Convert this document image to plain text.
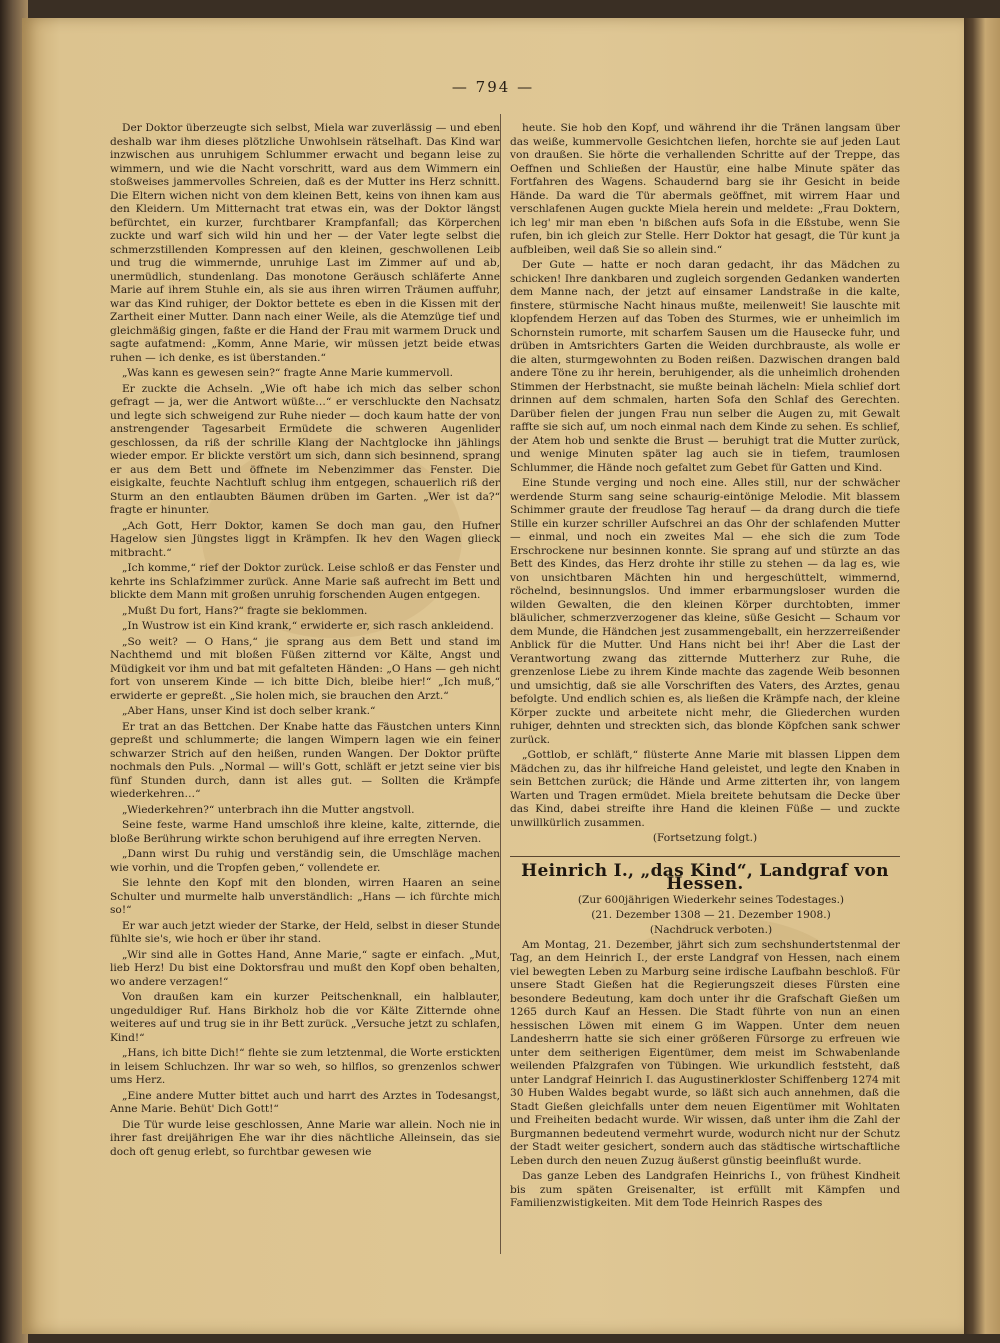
— 794 —

Der Doktor überzeugte sich selbst, Miela war zuverlässig — und eben deshalb war ihm dieses plötzliche Unwohlsein rätselhaft. Das Kind war inzwischen aus unruhigem Schlummer erwacht und begann leise zu wimmern, und wie die Nacht vorschritt, ward aus dem Wimmern ein stoßweises jammervolles Schreien, daß es der Mutter ins Herz schnitt. Die Eltern wichen nicht von dem kleinen Bett, keins von ihnen kam aus den Kleidern. Um Mitternacht trat etwas ein, was der Doktor längst befürchtet, ein kurzer, furchtbarer Krampfanfall; das Körperchen zuckte und warf sich wild hin und her — der Vater legte selbst die schmerzstillenden Kompressen auf den kleinen, geschwollenen Leib und trug die wimmernde, unruhige Last im Zimmer auf und ab, unermüdlich, stundenlang. Das monotone Geräusch schläferte Anne Marie auf ihrem Stuhle ein, als sie aus ihren wirren Träumen auffuhr, war das Kind ruhiger, der Doktor bettete es eben in die Kissen mit der Zartheit einer Mutter. Dann nach einer Weile, als die Atemzüge tief und gleichmäßig gingen, faßte er die Hand der Frau mit warmem Druck und sagte aufatmend: „Komm, Anne Marie, wir müssen jetzt beide etwas ruhen — ich denke, es ist überstanden.“

„Was kann es gewesen sein?“ fragte Anne Marie kummervoll.

Er zuckte die Achseln. „Wie oft habe ich mich das selber schon gefragt — ja, wer die Antwort wüßte…“ er verschluckte den Nachsatz und legte sich schweigend zur Ruhe nieder — doch kaum hatte der von anstrengender Tagesarbeit Ermüdete die schweren Augenlider geschlossen, da riß der schrille Klang der Nachtglocke ihn jählings wieder empor. Er blickte verstört um sich, dann sich besinnend, sprang er aus dem Bett und öffnete im Nebenzimmer das Fenster. Die eisigkalte, feuchte Nachtluft schlug ihm entgegen, schauerlich riß der Sturm an den entlaubten Bäumen drüben im Garten. „Wer ist da?“ fragte er hinunter.

„Ach Gott, Herr Doktor, kamen Se doch man gau, den Hufner Hagelow sien Jüngstes liggt in Krämpfen. Ik hev den Wagen glieck mitbracht.“

„Ich komme,“ rief der Doktor zurück. Leise schloß er das Fenster und kehrte ins Schlafzimmer zurück. Anne Marie saß aufrecht im Bett und blickte dem Mann mit großen unruhig forschenden Augen entgegen.

„Mußt Du fort, Hans?“ fragte sie beklommen.

„In Wustrow ist ein Kind krank,“ erwiderte er, sich rasch ankleidend.

„So weit? — O Hans,“ jie sprang aus dem Bett und stand im Nachthemd und mit bloßen Füßen zitternd vor Kälte, Angst und Müdigkeit vor ihm und bat mit gefalteten Händen: „O Hans — geh nicht fort von unserem Kinde — ich bitte Dich, bleibe hier!“ „Ich muß,“ erwiderte er gepreßt. „Sie holen mich, sie brauchen den Arzt.“

„Aber Hans, unser Kind ist doch selber krank.“

Er trat an das Bettchen. Der Knabe hatte das Fäustchen unters Kinn gepreßt und schlummerte; die langen Wimpern lagen wie ein feiner schwarzer Strich auf den heißen, runden Wangen. Der Doktor prüfte nochmals den Puls. „Normal — will's Gott, schläft er jetzt seine vier bis fünf Stunden durch, dann ist alles gut. — Sollten die Krämpfe wiederkehren…“

„Wiederkehren?“ unterbrach ihn die Mutter angstvoll.

Seine feste, warme Hand umschloß ihre kleine, kalte, zitternde, die bloße Berührung wirkte schon beruhigend auf ihre erregten Nerven.

„Dann wirst Du ruhig und verständig sein, die Umschläge machen wie vorhin, und die Tropfen geben,“ vollendete er.

Sie lehnte den Kopf mit den blonden, wirren Haaren an seine Schulter und murmelte halb unverständlich: „Hans — ich fürchte mich so!“

Er war auch jetzt wieder der Starke, der Held, selbst in dieser Stunde fühlte sie's, wie hoch er über ihr stand.

„Wir sind alle in Gottes Hand, Anne Marie,“ sagte er einfach. „Mut, lieb Herz! Du bist eine Doktorsfrau und mußt den Kopf oben behalten, wo andere verzagen!“

Von draußen kam ein kurzer Peitschenknall, ein halblauter, ungeduldiger Ruf. Hans Birkholz hob die vor Kälte Zitternde ohne weiteres auf und trug sie in ihr Bett zurück. „Versuche jetzt zu schlafen, Kind!“

„Hans, ich bitte Dich!“ flehte sie zum letztenmal, die Worte erstickten in leisem Schluchzen. Ihr war so weh, so hilflos, so grenzenlos schwer ums Herz.

„Eine andere Mutter bittet auch und harrt des Arztes in Todesangst, Anne Marie. Behüt' Dich Gott!“

Die Tür wurde leise geschlossen, Anne Marie war allein. Noch nie in ihrer fast dreijährigen Ehe war ihr dies nächtliche Alleinsein, das sie doch oft genug erlebt, so furchtbar gewesen wie

heute. Sie hob den Kopf, und während ihr die Tränen langsam über das weiße, kummervolle Gesichtchen liefen, horchte sie auf jeden Laut von draußen. Sie hörte die verhallenden Schritte auf der Treppe, das Oeffnen und Schließen der Haustür, eine halbe Minute später das Fortfahren des Wagens. Schaudernd barg sie ihr Gesicht in beide Hände. Da ward die Tür abermals geöffnet, mit wirrem Haar und verschlafenen Augen guckte Miela herein und meldete: „Frau Doktern, ich leg' mir man eben 'n bißchen aufs Sofa in die Eßstube, wenn Sie rufen, bin ich gleich zur Stelle. Herr Doktor hat gesagt, die Tür kunt ja aufbleiben, weil daß Sie so allein sind.“

Der Gute — hatte er noch daran gedacht, ihr das Mädchen zu schicken! Ihre dankbaren und zugleich sorgenden Gedanken wanderten dem Manne nach, der jetzt auf einsamer Landstraße in die kalte, finstere, stürmische Nacht hinaus mußte, meilenweit! Sie lauschte mit klopfendem Herzen auf das Toben des Sturmes, wie er unheimlich im Schornstein rumorte, mit scharfem Sausen um die Hausecke fuhr, und drüben in Amtsrichters Garten die Weiden durchbrauste, als wolle er die alten, sturmgewohnten zu Boden reißen. Dazwischen drangen bald andere Töne zu ihr herein, beruhigender, als die unheimlich drohenden Stimmen der Herbstnacht, sie mußte beinah lächeln: Miela schlief dort drinnen auf dem schmalen, harten Sofa den Schlaf des Gerechten. Darüber fielen der jungen Frau nun selber die Augen zu, mit Gewalt raffte sie sich auf, um noch einmal nach dem Kinde zu sehen. Es schlief, der Atem hob und senkte die Brust — beruhigt trat die Mutter zurück, und wenige Minuten später lag auch sie in tiefem, traumlosen Schlummer, die Hände noch gefaltet zum Gebet für Gatten und Kind.

Eine Stunde verging und noch eine. Alles still, nur der schwächer werdende Sturm sang seine schaurig-eintönige Melodie. Mit blassem Schimmer graute der freudlose Tag herauf — da drang durch die tiefe Stille ein kurzer schriller Aufschrei an das Ohr der schlafenden Mutter — einmal, und noch ein zweites Mal — ehe sich die zum Tode Erschrockene nur besinnen konnte. Sie sprang auf und stürzte an das Bett des Kindes, das Herz drohte ihr stille zu stehen — da lag es, wie von unsichtbaren Mächten hin und hergeschüttelt, wimmernd, röchelnd, besinnungslos. Und immer erbarmungsloser wurden die wilden Gewalten, die den kleinen Körper durchtobten, immer bläulicher, schmerzverzogener das kleine, süße Gesicht — Schaum vor dem Munde, die Händchen jest zusammengeballt, ein herzzerreißender Anblick für die Mutter. Und Hans nicht bei ihr! Aber die Last der Verantwortung zwang das zitternde Mutterherz zur Ruhe, die grenzenlose Liebe zu ihrem Kinde machte das zagende Weib besonnen und umsichtig, daß sie alle Vorschriften des Vaters, des Arztes, genau befolgte. Und endlich schien es, als ließen die Krämpfe nach, der kleine Körper zuckte und arbeitete nicht mehr, die Gliederchen wurden ruhiger, dehnten und streckten sich, das blonde Köpfchen sank schwer zurück.

„Gottlob, er schläft,“ flüsterte Anne Marie mit blassen Lippen dem Mädchen zu, das ihr hilfreiche Hand geleistet, und legte den Knaben in sein Bettchen zurück; die Hände und Arme zitterten ihr, von langem Warten und Tragen ermüdet. Miela breitete behutsam die Decke über das Kind, dabei streifte ihre Hand die kleinen Füße — und zuckte unwillkürlich zusammen.

(Fortsetzung folgt.)

Heinrich I., „das Kind“, Landgraf von Hessen.

(Zur 600jährigen Wiederkehr seines Todestages.)

(21. Dezember 1308 — 21. Dezember 1908.)

(Nachdruck verboten.)

Am Montag, 21. Dezember, jährt sich zum sechshundertstenmal der Tag, an dem Heinrich I., der erste Landgraf von Hessen, nach einem viel bewegten Leben zu Marburg seine irdische Laufbahn beschloß. Für unsere Stadt Gießen hat die Regierungszeit dieses Fürsten eine besondere Bedeutung, kam doch unter ihr die Grafschaft Gießen um 1265 durch Kauf an Hessen. Die Stadt führte von nun an einen hessischen Löwen mit einem G im Wappen. Unter dem neuen Landesherrn hatte sie sich einer größeren Fürsorge zu erfreuen wie unter dem seitherigen Eigentümer, dem meist im Schwabenlande weilenden Pfalzgrafen von Tübingen. Wie urkundlich feststeht, daß unter Landgraf Heinrich I. das Augustinerkloster Schiffenberg 1274 mit 30 Huben Waldes begabt wurde, so läßt sich auch annehmen, daß die Stadt Gießen gleichfalls unter dem neuen Eigentümer mit Wohltaten und Freiheiten bedacht wurde. Wir wissen, daß unter ihm die Zahl der Burgmannen bedeutend vermehrt wurde, wodurch nicht nur der Schutz der Stadt weiter gesichert, sondern auch das städtische wirtschaftliche Leben durch den neuen Zuzug äußerst günstig beeinflußt wurde.

Das ganze Leben des Landgrafen Heinrichs I., von frühest Kindheit bis zum späten Greisenalter, ist erfüllt mit Kämpfen und Familienzwistigkeiten. Mit dem Tode Heinrich Raspes des
